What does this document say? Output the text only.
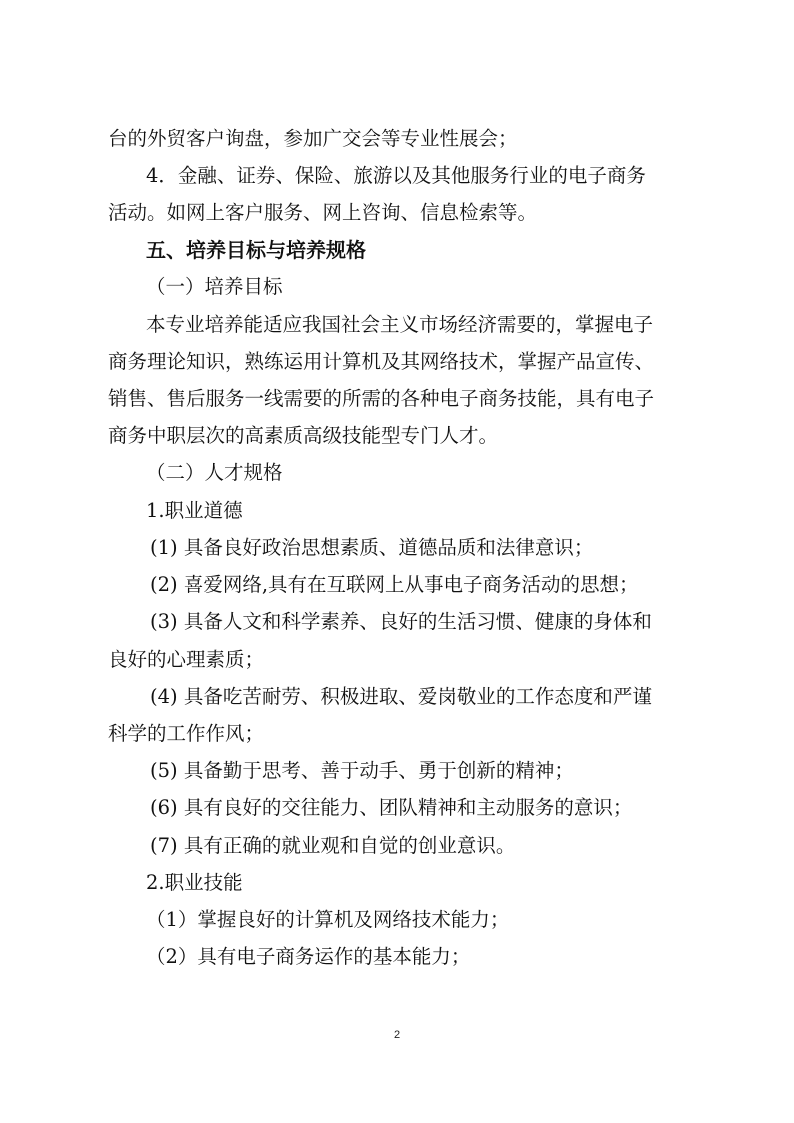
台的外贸客户询盘，参加广交会等专业性展会；
4．金融、证券、保险、旅游以及其他服务行业的电子商务
活动。如网上客户服务、网上咨询、信息检索等。
五、培养目标与培养规格
（一）培养目标
本专业培养能适应我国社会主义市场经济需要的，掌握电子
商务理论知识，熟练运用计算机及其网络技术，掌握产品宣传、
销售、售后服务一线需要的所需的各种电子商务技能，具有电子
商务中职层次的高素质高级技能型专门人才。
（二）人才规格
1.职业道德
(1) 具备良好政治思想素质、道德品质和法律意识；
(2) 喜爱网络,具有在互联网上从事电子商务活动的思想；
(3) 具备人文和科学素养、良好的生活习惯、健康的身体和
良好的心理素质；
(4) 具备吃苦耐劳、积极进取、爱岗敬业的工作态度和严谨
科学的工作作风；
(5) 具备勤于思考、善于动手、勇于创新的精神；
(6) 具有良好的交往能力、团队精神和主动服务的意识；
(7) 具有正确的就业观和自觉的创业意识。
2.职业技能
（1）掌握良好的计算机及网络技术能力；
（2）具有电子商务运作的基本能力；
2
